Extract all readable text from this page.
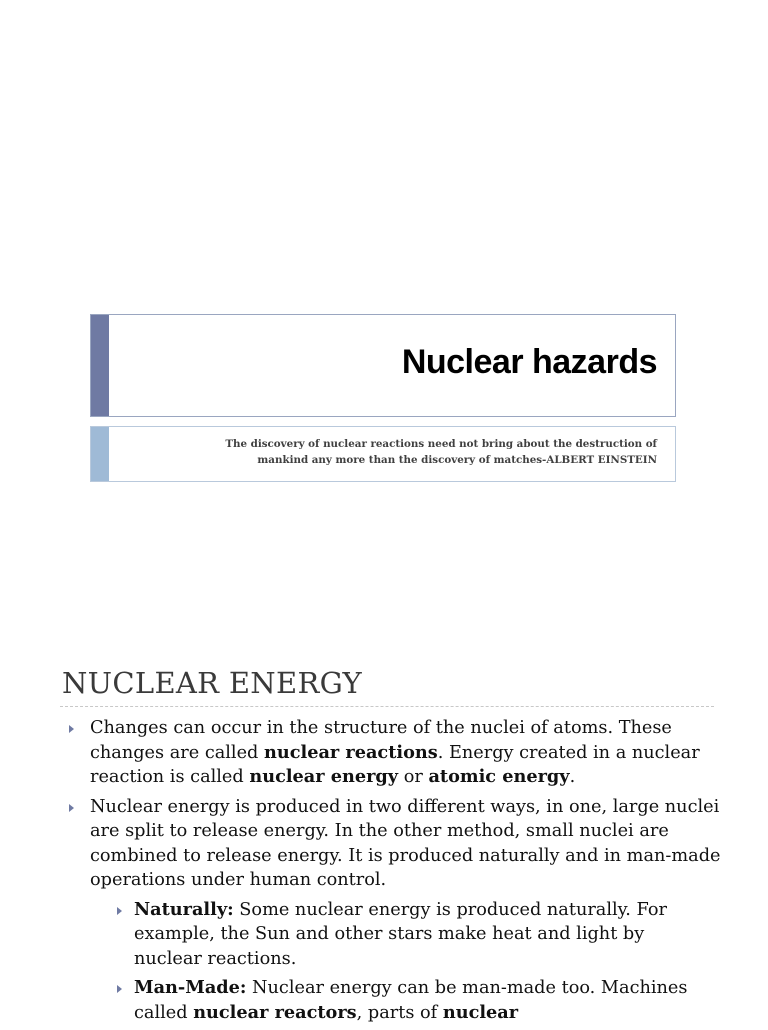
Nuclear hazards
The discovery of nuclear reactions need not bring about the destruction of
mankind any more than the discovery of matches-ALBERT EINSTEIN
NUCLEAR ENERGY
Changes can occur in the structure of the nuclei of atoms. These changes are called nuclear reactions. Energy created in a nuclear reaction is called nuclear energy or atomic energy.
Nuclear energy is produced in two different ways, in one, large nuclei are split to release energy. In the other method, small nuclei are combined to release energy. It is produced naturally and in man-made operations under human control.
Naturally: Some nuclear energy is produced naturally. For example, the Sun and other stars make heat and light by nuclear reactions.
Man-Made: Nuclear energy can be man-made too. Machines called nuclear reactors, parts of nuclear
